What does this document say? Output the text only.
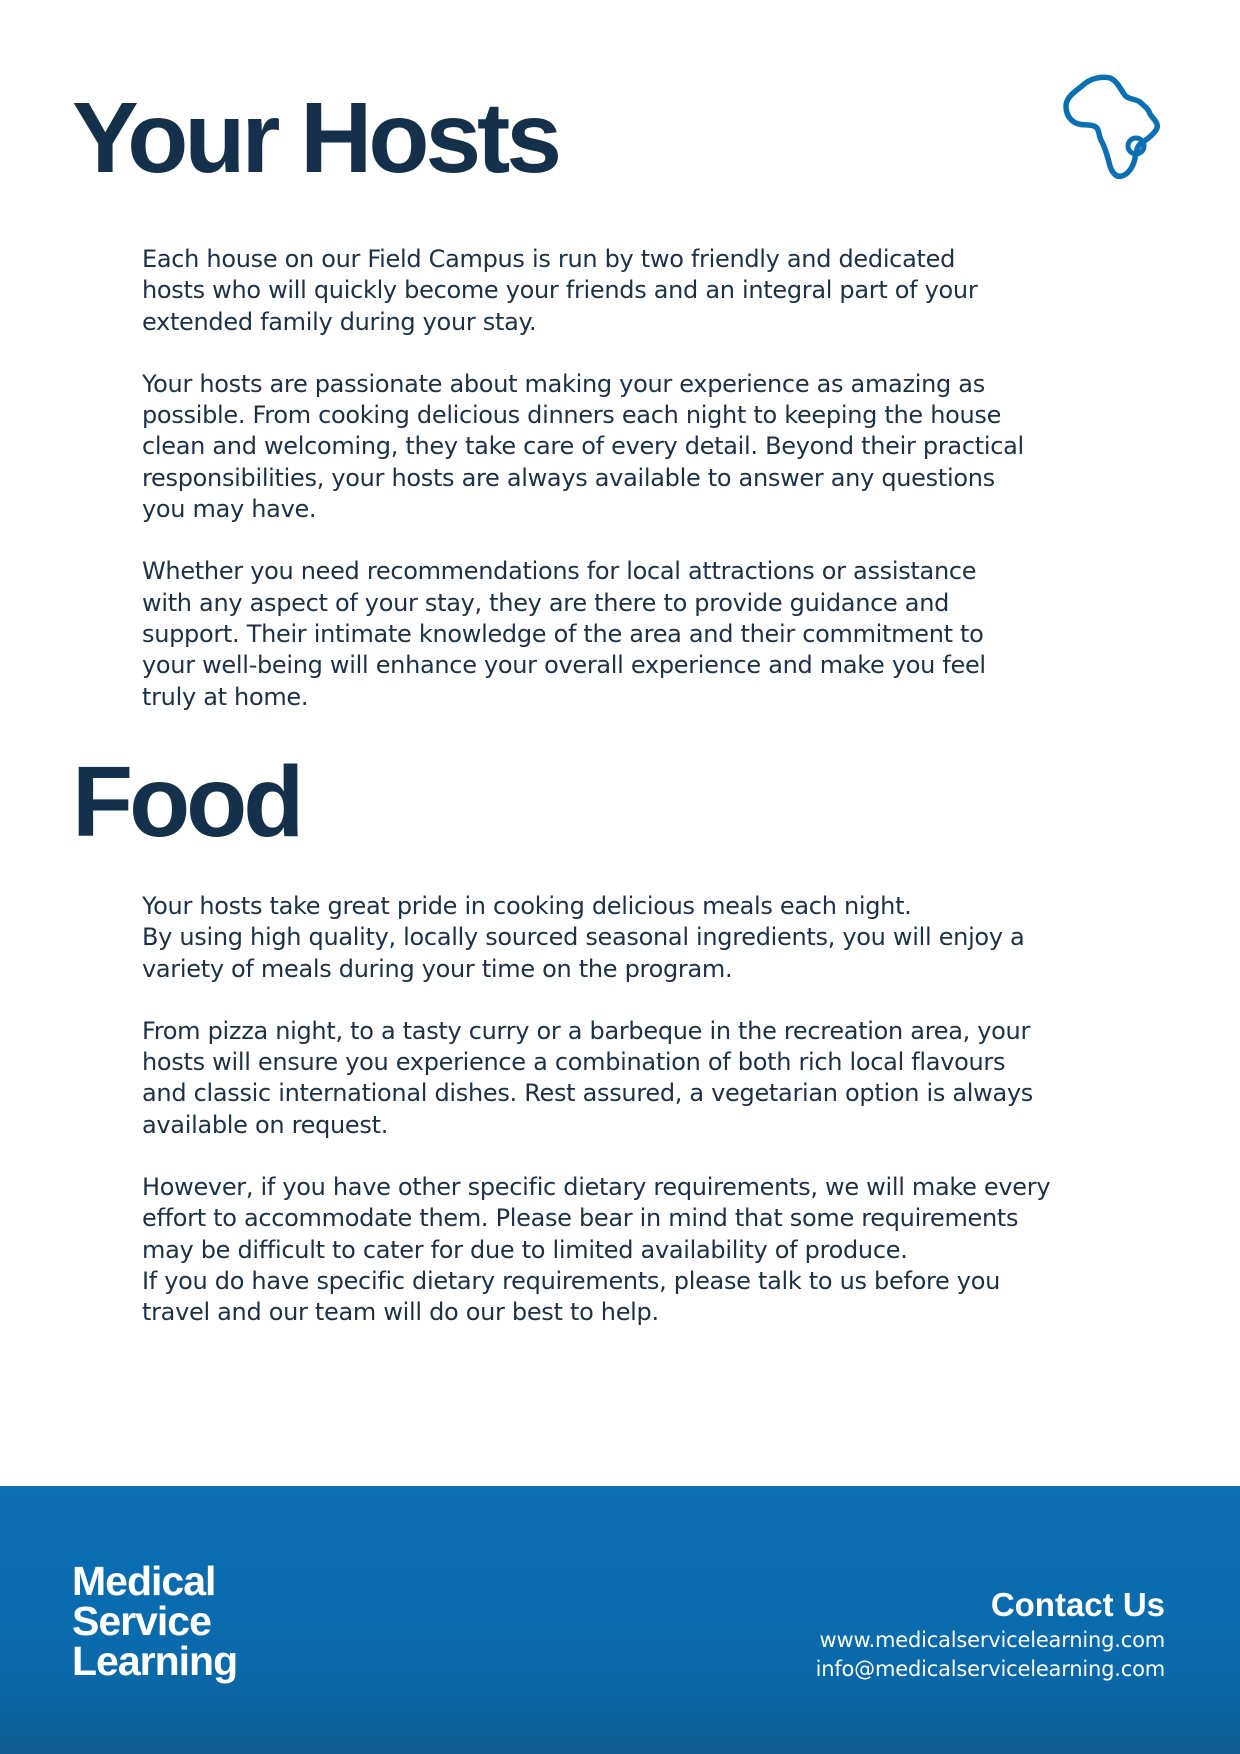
Your Hosts

Each house on our Field Campus is run by two friendly and dedicated
hosts who will quickly become your friends and an integral part of your
extended family during your stay.

Your hosts are passionate about making your experience as amazing as
possible. From cooking delicious dinners each night to keeping the house
clean and welcoming, they take care of every detail. Beyond their practical
responsibilities, your hosts are always available to answer any questions
you may have.

Whether you need recommendations for local attractions or assistance
with any aspect of your stay, they are there to provide guidance and
support. Their intimate knowledge of the area and their commitment to
your well-being will enhance your overall experience and make you feel
truly at home.

Food

Your hosts take great pride in cooking delicious meals each night.
By using high quality, locally sourced seasonal ingredients, you will enjoy a
variety of meals during your time on the program.

From pizza night, to a tasty curry or a barbeque in the recreation area, your
hosts will ensure you experience a combination of both rich local flavours
and classic international dishes. Rest assured, a vegetarian option is always
available on request.

However, if you have other specific dietary requirements, we will make every
effort to accommodate them. Please bear in mind that some requirements
may be difficult to cater for due to limited availability of produce.
If you do have specific dietary requirements, please talk to us before you
travel and our team will do our best to help.

Medical
Service
Learning
Contact Us
www.medicalservicelearning.com
info@medicalservicelearning.com
